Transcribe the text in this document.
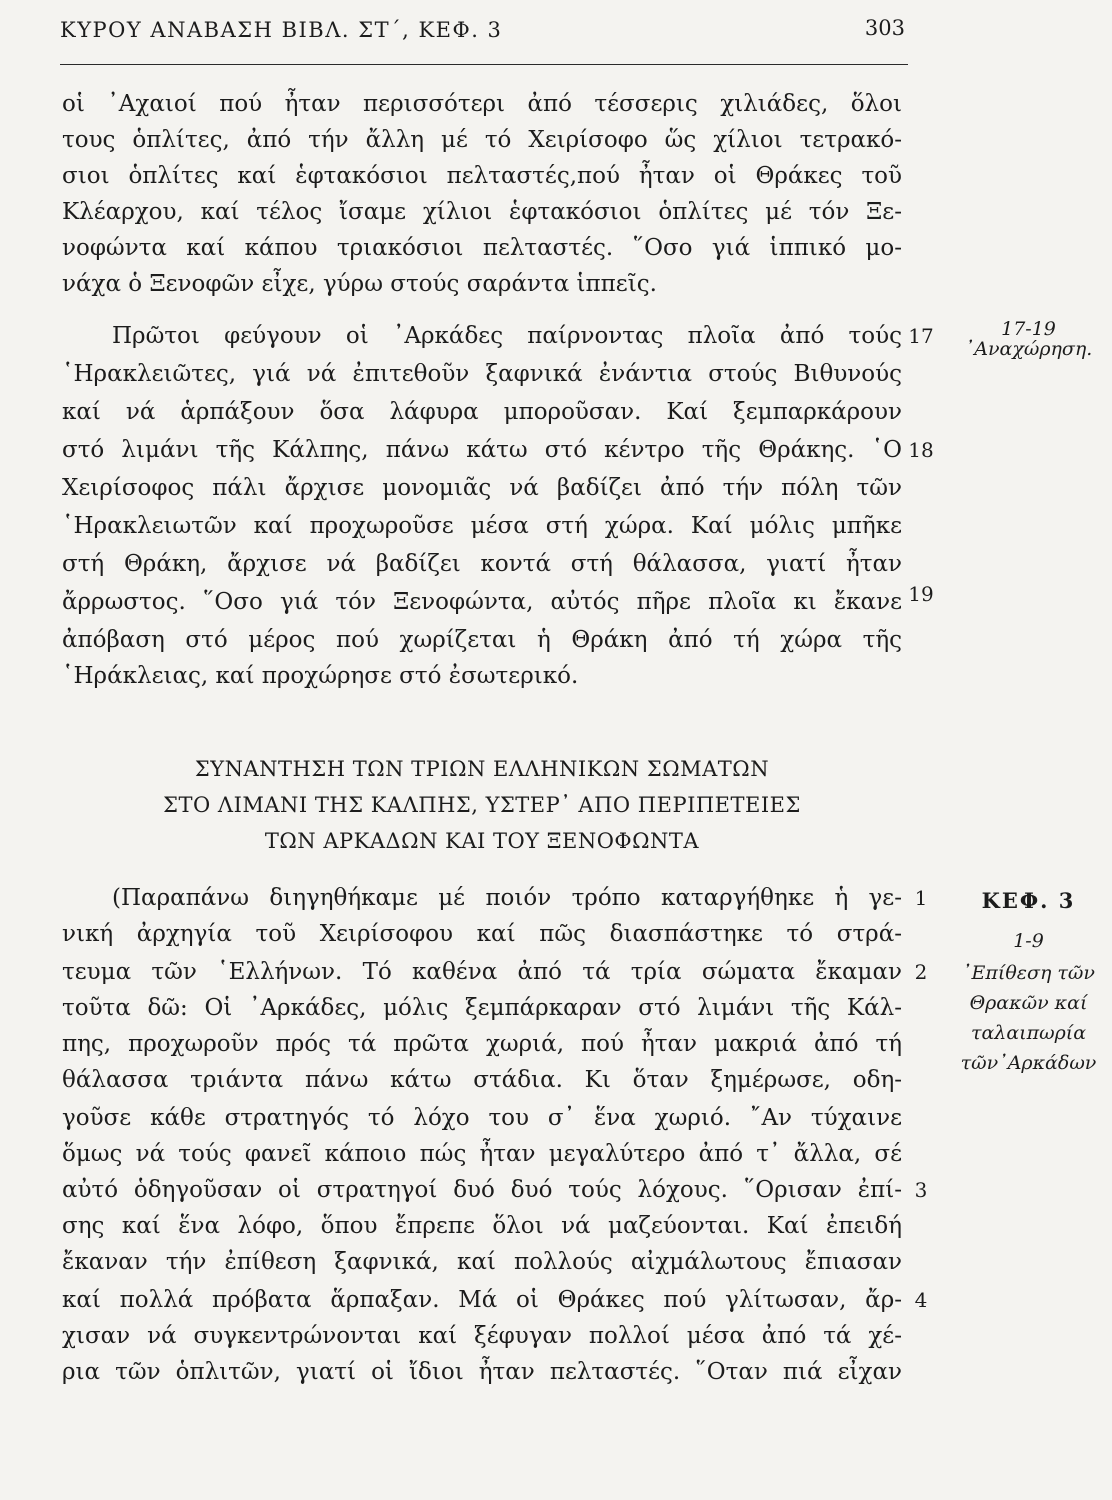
ΚΥΡΟΥ ΑΝΑΒΑΣΗ ΒΙΒΛ. ΣΤ΄, ΚΕΦ. 3	303
οἱ ᾿Αχαιοί πού ἦταν περισσότερι ἀπό τέσσερις χιλιάδες, ὅλοι
τους ὁπλίτες, ἀπό τήν ἄλλη μέ τό Χειρίσοφο ὥς χίλιοι τετρακό-
σιοι ὁπλίτες καί ἑφτακόσιοι πελταστές,πού ἦταν οἱ Θράκες τοῦ
Κλέαρχου, καί τέλος ἴσαμε χίλιοι ἑφτακόσιοι ὁπλίτες μέ τόν Ξε-
νοφώντα καί κάπου τριακόσιοι πελταστές. ῞Οσο γιά ἱππικό μο-
νάχα ὁ Ξενοφῶν εἶχε, γύρω στούς σαράντα ἱππεῖς.
Πρῶτοι φεύγουν οἱ ᾿Αρκάδες παίρνοντας πλοῖα ἀπό τούς
῾Ηρακλειῶτες, γιά νά ἐπιτεθοῦν ξαφνικά ἐνάντια στούς Βιθυνούς
καί νά ἁρπάξουν ὅσα λάφυρα μποροῦσαν. Καί ξεμπαρκάρουν
στό λιμάνι τῆς Κάλπης, πάνω κάτω στό κέντρο τῆς Θράκης. ῾Ο
Χειρίσοφος πάλι ἄρχισε μονομιᾶς νά βαδίζει ἀπό τήν πόλη τῶν
῾Ηρακλειωτῶν καί προχωροῦσε μέσα στή χώρα. Καί μόλις μπῆκε
στή Θράκη, ἄρχισε νά βαδίζει κοντά στή θάλασσα, γιατί ἦταν
ἄρρωστος. ῞Οσο γιά τόν Ξενοφώντα, αὐτός πῆρε πλοῖα κι ἔκανε
ἀπόβαση στό μέρος πού χωρίζεται ἡ Θράκη ἀπό τή χώρα τῆς
῾Ηράκλειας, καί προχώρησε στό ἐσωτερικό.
ΣΥΝΑΝΤΗΣΗ ΤΩΝ ΤΡΙΩΝ ΕΛΛΗΝΙΚΩΝ ΣΩΜΑΤΩΝ
ΣΤΟ ΛΙΜΑΝΙ ΤΗΣ ΚΑΛΠΗΣ, ΥΣΤΕΡ᾿ ΑΠΟ ΠΕΡΙΠΕΤΕΙΕΣ
ΤΩΝ ΑΡΚΑΔΩΝ ΚΑΙ ΤΟΥ ΞΕΝΟΦΩΝΤΑ
(Παραπάνω διηγηθήκαμε μέ ποιόν τρόπο καταργήθηκε ἡ γε-
νική ἀρχηγία τοῦ Χειρίσοφου καί πῶς διασπάστηκε τό στρά-
τευμα τῶν ῾Ελλήνων. Τό καθένα ἀπό τά τρία σώματα ἔκαμαν
τοῦτα δῶ: Οἱ ᾿Αρκάδες, μόλις ξεμπάρκαραν στό λιμάνι τῆς Κάλ-
πης, προχωροῦν πρός τά πρῶτα χωριά, πού ἦταν μακριά ἀπό τή
θάλασσα τριάντα πάνω κάτω στάδια. Κι ὅταν ξημέρωσε, οδη-
γοῦσε κάθε στρατηγός τό λόχο του σ᾿ ἕνα χωριό. ῎Αν τύχαινε
ὅμως νά τούς φανεῖ κάποιο πώς ἦταν μεγαλύτερο ἀπό τ᾿ ἄλλα, σέ
αὐτό ὁδηγοῦσαν οἱ στρατηγοί δυό δυό τούς λόχους. ῞Ορισαν ἐπί-
σης καί ἕνα λόφο, ὅπου ἔπρεπε ὅλοι νά μαζεύονται. Καί ἐπειδή
ἔκαναν τήν ἐπίθεση ξαφνικά, καί πολλούς αἰχμάλωτους ἔπιασαν
καί πολλά πρόβατα ἅρπαξαν. Μά οἱ Θράκες πού γλίτωσαν, ἄρ-
χισαν νά συγκεντρώνονται καί ξέφυγαν πολλοί μέσα ἀπό τά χέ-
ρια τῶν ὁπλιτῶν, γιατί οἱ ἴδιοι ἦταν πελταστές. ῞Οταν πιά εἶχαν
17
18
19
1
2
3
4
17-19
᾿Αναχώρηση.
ΚΕΦ. 3
1-9
᾿Επίθεση τῶν
Θρακῶν καί
ταλαιπωρία
τῶν᾿Αρκάδων
